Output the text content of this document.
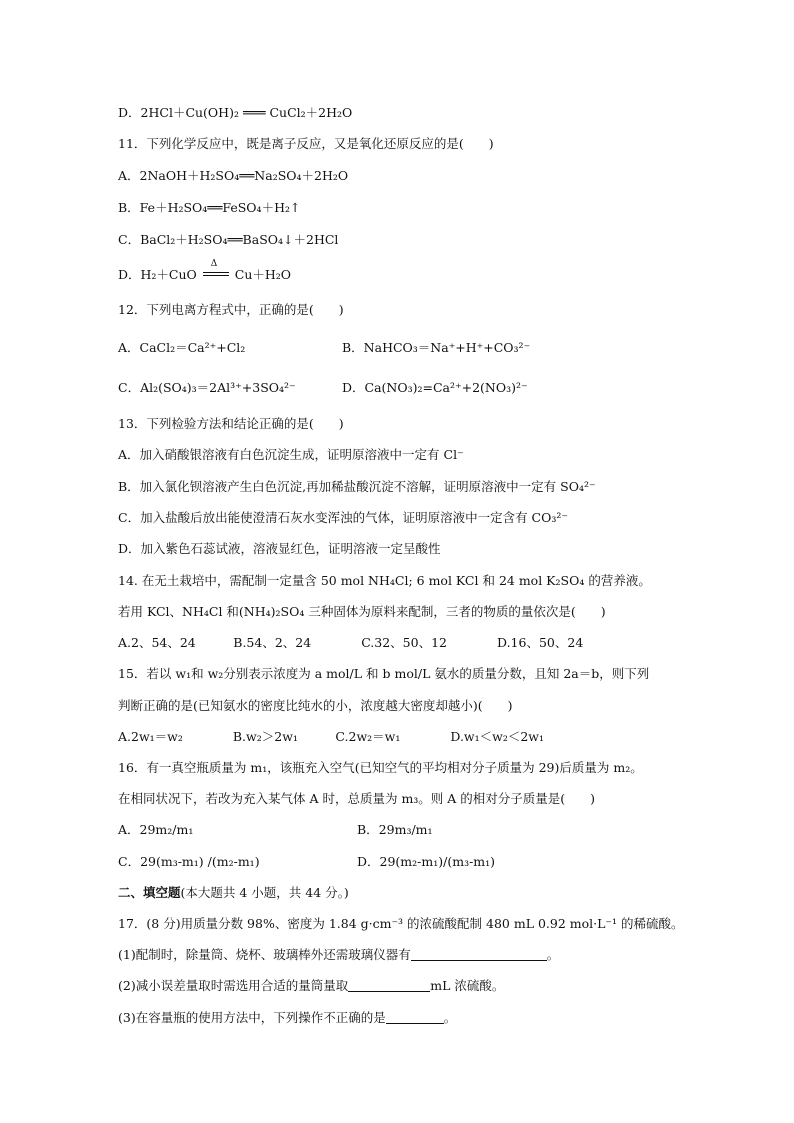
D．2HCl＋Cu(OH)₂ ═══ CuCl₂＋2H₂O
11．下列化学反应中，既是离子反应，又是氧化还原反应的是(　　)
A．2NaOH＋H₂SO₄══Na₂SO₄＋2H₂O
B．Fe＋H₂SO₄══FeSO₄＋H₂↑
C．BaCl₂＋H₂SO₄══BaSO₄↓＋2HCl
D．H₂＋CuO
Δ
Cu＋H₂O
12．下列电离方程式中，正确的是(　　)
A．CaCl₂＝Ca²⁺+Cl₂	B．NaHCO₃＝Na⁺+H⁺+CO₃²⁻
C．Al₂(SO₄)₃＝2Al³⁺+3SO₄²⁻	D．Ca(NO₃)₂=Ca²⁺+2(NO₃)²⁻
13．下列检验方法和结论正确的是(　　)
A．加入硝酸银溶液有白色沉淀生成，证明原溶液中一定有 Cl⁻
B．加入氯化钡溶液产生白色沉淀,再加稀盐酸沉淀不溶解，证明原溶液中一定有 SO₄²⁻
C．加入盐酸后放出能使澄清石灰水变浑浊的气体，证明原溶液中一定含有 CO₃²⁻
D．加入紫色石蕊试液，溶液显红色，证明溶液一定呈酸性
14. 在无土栽培中，需配制一定量含 50 mol NH₄Cl; 6 mol KCl 和 24 mol K₂SO₄ 的营养液。
若用 KCl、NH₄Cl 和(NH₄)₂SO₄ 三种固体为原料来配制，三者的物质的量依次是(　　)
A.2、54、24　　　B.54、2、24　　　　C.32、50、12　　　　D.16、50、24
15．若以 w₁和 w₂分别表示浓度为 a mol/L 和 b mol/L 氨水的质量分数，且知 2a＝b，则下列
判断正确的是(已知氨水的密度比纯水的小，浓度越大密度却越小)(　　)
A.2w₁＝w₂　　　　B.w₂＞2w₁　　　C.2w₂＝w₁　　　　D.w₁＜w₂＜2w₁
16．有一真空瓶质量为 m₁，该瓶充入空气(已知空气的平均相对分子质量为 29)后质量为 m₂。
在相同状况下，若改为充入某气体 A 时，总质量为 m₃。则 A 的相对分子质量是(　　)
A．29m₂/m₁	B．29m₃/m₁
C．29(m₃-m₁) /(m₂-m₁)	D．29(m₂-m₁)/(m₃-m₁)
二、填空题(本大题共 4 小题，共 44 分。)
17．(8 分)用质量分数 98%、密度为 1.84 g·cm⁻³ 的浓硫酸配制 480 mL 0.92 mol·L⁻¹ 的稀硫酸。
(1)配制时，除量筒、烧杯、玻璃棒外还需玻璃仪器有	。
(2)减小误差量取时需选用合适的量筒量取	mL 浓硫酸。
(3)在容量瓶的使用方法中，下列操作不正确的是	。
